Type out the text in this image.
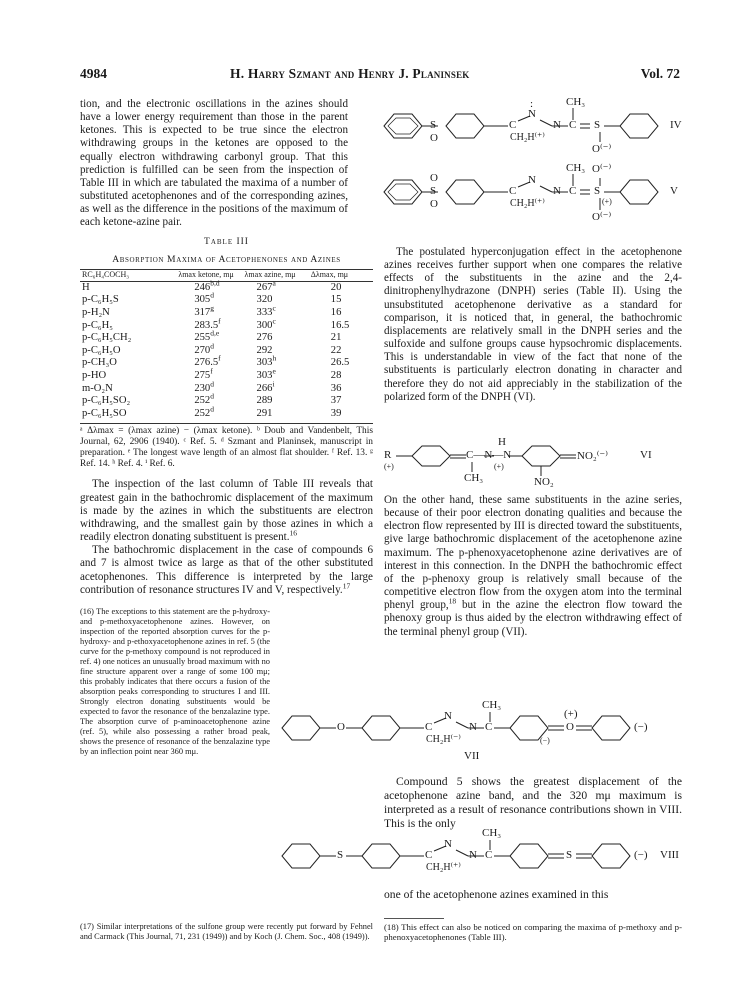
4984	H. Harry Szmant and Henry J. Planinsek	Vol. 72

tion, and the electronic oscillations in the azines should have a lower energy requirement than those in the parent ketones. This is expected to be true since the electron withdrawing groups in the ketones are opposed to the equally electron withdrawing carbonyl group. That this prediction is fulfilled can be seen from the inspection of Table III in which are tabulated the maxima of a number of substituted acetophenones and of the corresponding azines, as well as the difference in the positions of the maximum of each ketone-azine pair.

Table III
Absorption Maxima of Acetophenones and Azines
RC₆H₄COCH₃	λmax ketone, mμ	λmax azine, mμ	Δλmax, mμ
H	246$^{b,d}$	267$^a$	20
p-C₆H₅S	305$^d$	320	15
p-H₂N	317$^g$	333$^c$	16
p-C₆H₅	283.5$^f$	300$^c$	16.5
p-C₆H₅CH₂	255$^{d,e}$	276	21
p-C₆H₅O	270$^d$	292	22
p-CH₃O	276.5$^f$	303$^h$	26.5
p-HO	275$^f$	303e	28
m-O₂N	230$^d$	266$^i$	36
p-C₆H₅SO₂	252$^d$	289	37
p-C₆H₅SO	252$^d$	291	39
ᵃ Δλmax = (λmax azine) − (λmax ketone). ᵇ Doub and Vandenbelt, This Journal, 62, 2906 (1940). ᶜ Ref. 5. ᵈ Szmant and Planinsek, manuscript in preparation. ᵉ The longest wave length of an almost flat shoulder. ᶠ Ref. 13. ᵍ Ref. 14. ʰ Ref. 4. ⁱ Ref. 6.

The inspection of the last column of Table III reveals that greatest gain in the bathochromic displacement of the maximum is made by the azines in which the substituents are electron withdrawing, and the smallest gain by those azines in which a readily electron donating substituent is present.$^{16}$

The bathochromic displacement in the case of compounds 6 and 7 is almost twice as large as that of the other substituted acetophenones. This difference is interpreted by the large contribution of resonance structures IV and V, respectively.$^{17}$

(16) The exceptions to this statement are the p-hydroxy- and p-methoxyacetophenone azines. However, on inspection of the reported absorption curves for the p-hydroxy- and p-ethoxyacetophenone azines in ref. 5 (the curve for the p-methoxy compound is not reproduced in ref. 4) one notices an unusually broad maximum with no fine structure apparent over a range of some 100 mμ; this probably indicates that there occurs a fusion of the absorption peaks corresponding to structures I and III. Strongly electron donating substituents would be expected to favor the resonance of the benzalazine type. The absorption curve of p-aminoacetophenone azine (ref. 5), while also possessing a rather broad peak, shows the presence of resonance of the benzalazine type by an inflection point near 360 mμ.

(17) Similar interpretations of the sulfone group were recently put forward by Fehnel and Carmack (This Journal, 71, 231 (1949)) and by Koch (J. Chem. Soc., 408 (1949)).

S
O
C
N
N
:
CH₂H⁽⁺⁾
C
CH₃
S
O⁽⁻⁾
IV
O
S
O
C
N
N
CH₂H⁽⁺⁾
C
CH₃ O⁽⁻⁾
S
(+)
O⁽⁻⁾
V

The postulated hyperconjugation effect in the acetophenone azines receives further support when one compares the relative effects of the substituents in the azine and the 2,4-dinitrophenylhydrazone (DNPH) series (Table II). Using the unsubstituted acetophenone derivative as a standard for comparison, it is noticed that, in general, the bathochromic displacements are relatively small in the DNPH series and the sulfoxide and sulfone groups cause hypsochromic displacements. This is understandable in view of the fact that none of the substituents is particularly electron donating in character and therefore they do not aid appreciably in the stabilization of the polarized form of the DNPH (VI).

R
(+)
C—N—N
H
(+)
CH₃	NO₂
NO₂⁽⁻⁾	VI

On the other hand, these same substituents in the azine series, because of their poor electron donating qualities and because the electron flow represented by III is directed toward the substituents, give large bathochromic displacement of the acetophenone azine maximum. The p-phenoxyacetophenone azine derivatives are of interest in this connection. In the DNPH the bathochromic effect of the p-phenoxy group is relatively small because of the competitive electron flow from the oxygen atom into the terminal phenyl group,$^{18}$ but in the azine the electron flow toward the phenoxy group is thus aided by the electron withdrawing effect of the terminal phenyl group (VII).

O	C
N
N
CH₂H⁽⁻⁾
C
CH₃
(−)
(+)
O	(−)
VII

Compound 5 shows the greatest displacement of the acetophenone azine band, and the 320 mμ maximum is interpreted as a result of resonance contributions shown in VIII. This is the only

S	C
N
N
CH₂H⁽⁺⁾
C
CH₃
S	(−) VIII

one of the acetophenone azines examined in this

(18) This effect can also be noticed on comparing the maxima of p-methoxy and p-phenoxyacetophenones (Table III).
